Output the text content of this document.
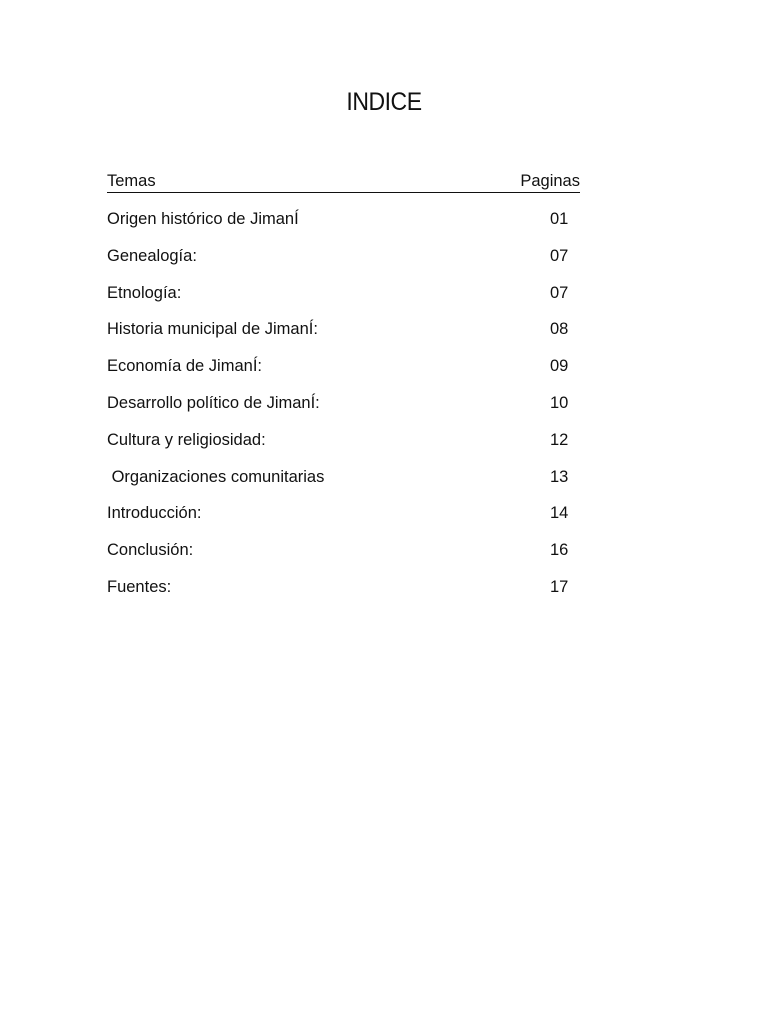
INDICE
Temas	Paginas
Origen histórico de JimanÍ	01
Genealogía:	07
Etnología:	07
Historia municipal de JimanÍ:	08
Economía de JimanÍ:	09
Desarrollo político de JimanÍ:	10
Cultura y religiosidad:	12
Organizaciones comunitarias	13
Introducción:	14
Conclusión:	16
Fuentes:	17
